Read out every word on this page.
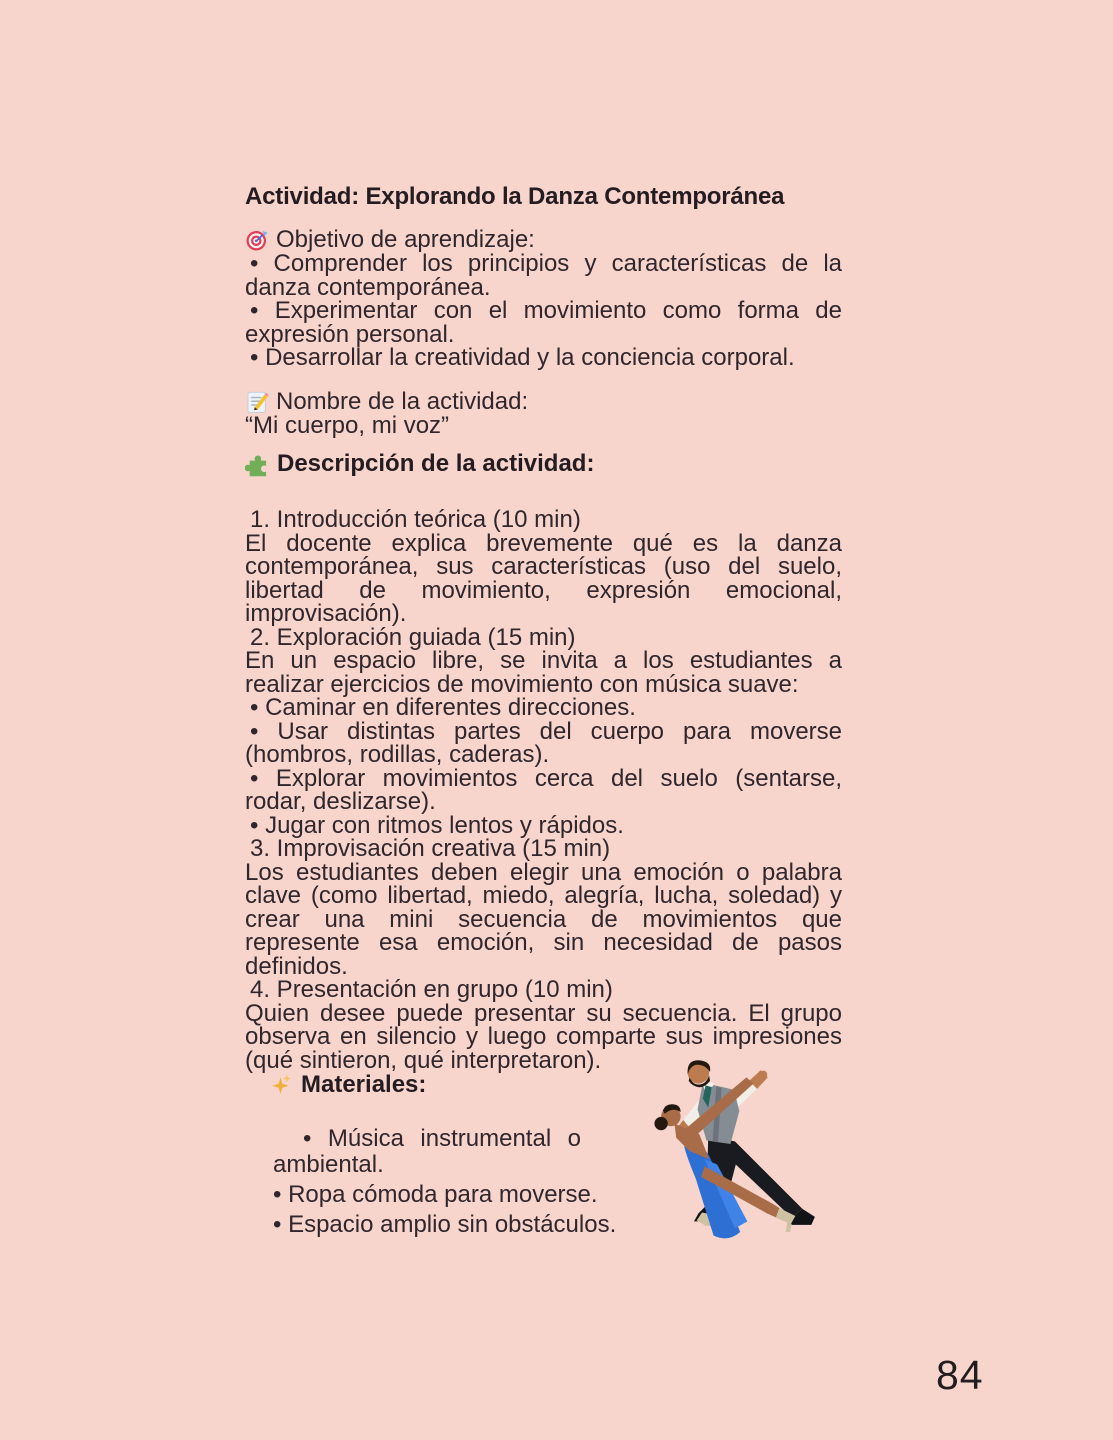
Actividad: Explorando la Danza Contemporánea
Objetivo de aprendizaje:

• Comprender los principios y características de la danza contemporánea.

• Experimentar con el movimiento como forma de expresión personal.

• Desarrollar la creatividad y la conciencia corporal.

Nombre de la actividad:

“Mi cuerpo, mi voz”

Descripción de la actividad:

1. Introducción teórica (10 min)

El docente explica brevemente qué es la danza contemporánea, sus características (uso del suelo, libertad de movimiento, expresión emocional, improvisación).

2. Exploración guiada (15 min)

En un espacio libre, se invita a los estudiantes a realizar ejercicios de movimiento con música suave:

• Caminar en diferentes direcciones.

• Usar distintas partes del cuerpo para moverse (hombros, rodillas, caderas).

• Explorar movimientos cerca del suelo (sentarse, rodar, deslizarse).

• Jugar con ritmos lentos y rápidos.

3. Improvisación creativa (15 min)

Los estudiantes deben elegir una emoción o palabra clave (como libertad, miedo, alegría, lucha, soledad) y crear una mini secuencia de movimientos que represente esa emoción, sin necesidad de pasos definidos.

4. Presentación en grupo (10 min)

Quien desee puede presentar su secuencia. El grupo observa en silencio y luego comparte sus impresiones (qué sintieron, qué interpretaron).

Materiales:

• Música instrumental o ambiental.

• Ropa cómoda para moverse.

• Espacio amplio sin obstáculos.

84
